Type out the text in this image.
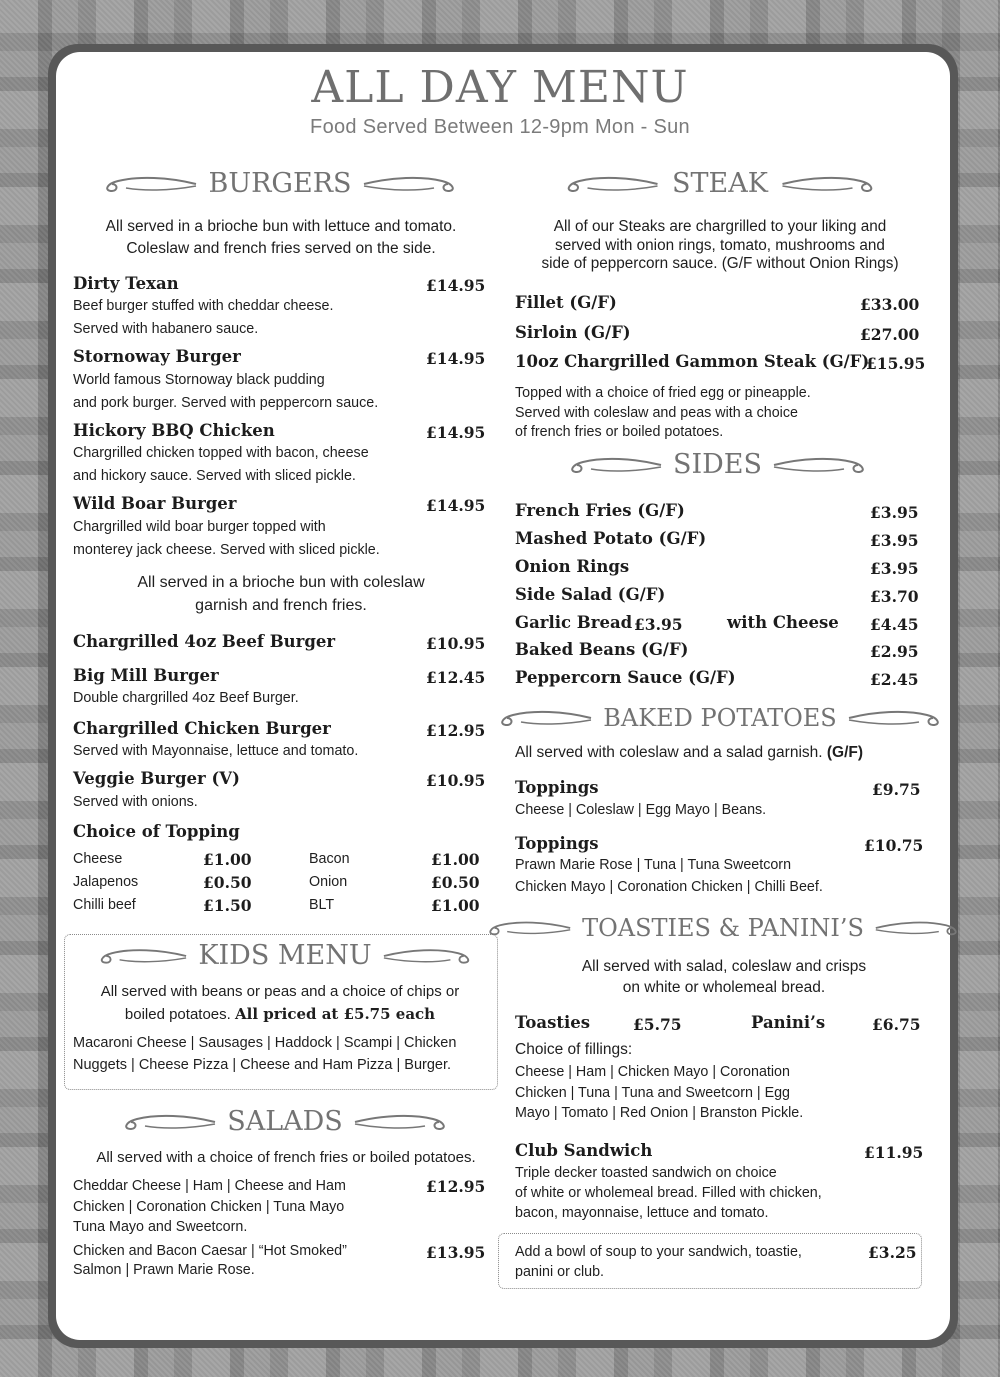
ALL DAY MENU
Food Served Between 12-9pm Mon - Sun
BURGERS
All served in a brioche bun with lettuce and tomato.
Coleslaw and french fries served on the side.
Dirty Texan	£14.95
Beef burger stuffed with cheddar cheese.
Served with habanero sauce.
Stornoway Burger	£14.95
World famous Stornoway black pudding
and pork burger. Served with peppercorn sauce.
Hickory BBQ Chicken	£14.95
Chargrilled chicken topped with bacon, cheese
and hickory sauce. Served with sliced pickle.
Wild Boar Burger	£14.95
Chargrilled wild boar burger topped with
monterey jack cheese. Served with sliced pickle.
All served in a brioche bun with coleslaw
garnish and french fries.
Chargrilled 4oz Beef Burger	£10.95
Big Mill Burger	£12.45
Double chargrilled 4oz Beef Burger.
Chargrilled Chicken Burger	£12.95
Served with Mayonnaise, lettuce and tomato.
Veggie Burger (V)	£10.95
Served with onions.
Choice of Topping
Cheese	£1.00	Bacon	£1.00
Jalapenos	£0.50	Onion	£0.50
Chilli beef	£1.50	BLT	£1.00
KIDS MENU
All served with beans or peas and a choice of chips or
boiled potatoes. All priced at £5.75 each
Macaroni Cheese | Sausages | Haddock | Scampi | Chicken
Nuggets | Cheese Pizza | Cheese and Ham Pizza | Burger.
SALADS
All served with a choice of french fries or boiled potatoes.
Cheddar Cheese | Ham | Cheese and Ham
Chicken | Coronation Chicken | Tuna Mayo
Tuna Mayo and Sweetcorn.
£12.95
Chicken and Bacon Caesar | “Hot Smoked”
Salmon | Prawn Marie Rose.
£13.95
STEAK
All of our Steaks are chargrilled to your liking and
served with onion rings, tomato, mushrooms and
side of peppercorn sauce. (G/F without Onion Rings)
Fillet (G/F)	£33.00
Sirloin (G/F)	£27.00
10oz Chargrilled Gammon Steak (G/F)
£15.95
Topped with a choice of fried egg or pineapple.
Served with coleslaw and peas with a choice
of french fries or boiled potatoes.
SIDES
French Fries (G/F)	£3.95
Mashed Potato (G/F)	£3.95
Onion Rings	£3.95
Side Salad (G/F)	£3.70
Garlic Bread £3.95	with Cheese £4.45
Baked Beans (G/F)	£2.95
Peppercorn Sauce (G/F)	£2.45
BAKED POTATOES
All served with coleslaw and a salad garnish. (G/F)
Toppings	£9.75
Cheese | Coleslaw | Egg Mayo | Beans.
Toppings	£10.75
Prawn Marie Rose | Tuna | Tuna Sweetcorn
Chicken Mayo | Coronation Chicken | Chilli Beef.
TOASTIES & PANINI’S
All served with salad, coleslaw and crisps
on white or wholemeal bread.
Toasties	£5.75	Panini’s	£6.75
Choice of fillings:
Cheese | Ham | Chicken Mayo | Coronation
Chicken | Tuna | Tuna and Sweetcorn | Egg
Mayo | Tomato | Red Onion | Branston Pickle.
Club Sandwich	£11.95
Triple decker toasted sandwich on choice
of white or wholemeal bread. Filled with chicken,
bacon, mayonnaise, lettuce and tomato.
Add a bowl of soup to your sandwich, toastie,
panini or club.
£3.25
